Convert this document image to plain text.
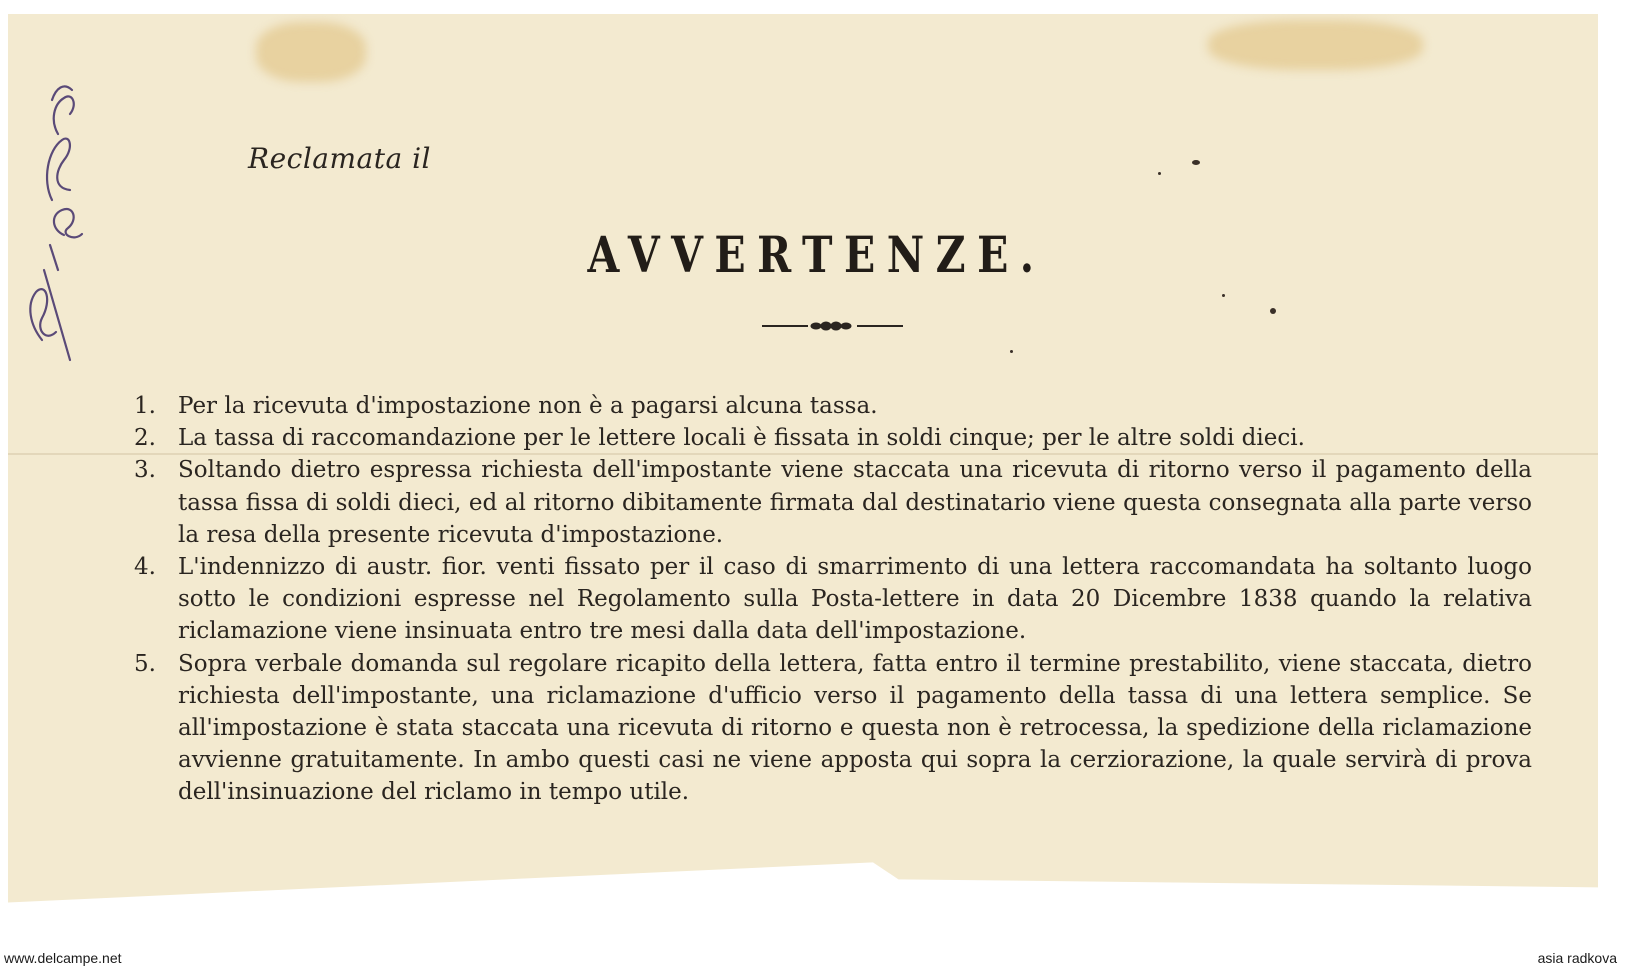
Reclamata il
AVVERTENZE.
1. Per la ricevuta d'impostazione non è a pagarsi alcuna tassa.
2. La tassa di raccomandazione per le lettere locali è fissata in soldi cinque; per le altre soldi dieci.
3. Soltando dietro espressa richiesta dell'impostante viene staccata una ricevuta di ritorno verso il pagamento della tassa fissa di soldi dieci, ed al ritorno dibitamente firmata dal destinatario viene questa consegnata alla parte verso la resa della presente ricevuta d'impostazione.
4. L'indennizzo di austr. fior. venti fissato per il caso di smarrimento di una lettera raccomandata ha soltanto luogo sotto le condizioni espresse nel Regolamento sulla Posta-lettere in data 20 Dicembre 1838 quando la relativa riclamazione viene insinuata entro tre mesi dalla data dell'impostazione.
5. Sopra verbale domanda sul regolare ricapito della lettera, fatta entro il termine prestabilito, viene staccata, dietro richiesta dell'impostante, una riclamazione d'ufficio verso il pagamento della tassa di una lettera semplice. Se all'impostazione è stata staccata una ricevuta di ritorno e questa non è retrocessa, la spedizione della riclamazione avvienne gratuitamente. In ambo questi casi ne viene apposta qui sopra la cerziorazione, la quale servirà di prova dell'insinuazione del riclamo in tempo utile.
www.delcampe.net	asia radkova
